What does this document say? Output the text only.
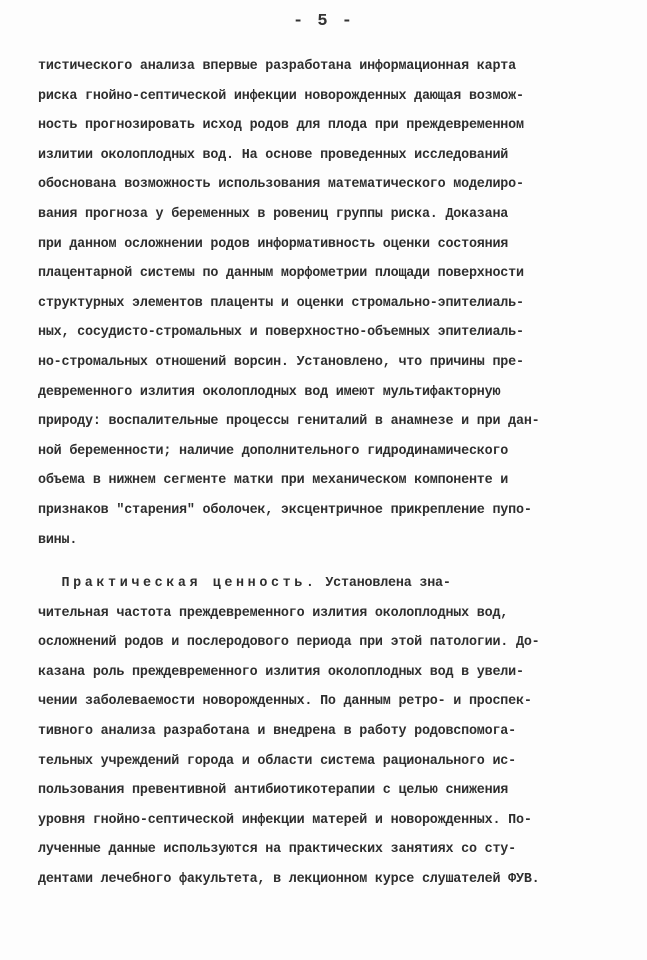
- 5 -
тистического анализа впервые разработана информационная карта
риска гнойно-септической инфекции новорожденных дающая возмож-
ность прогнозировать исход родов для плода при преждевременном
излитии околоплодных вод. На основе проведенных исследований
обоснована возможность использования математического моделиро-
вания прогноза у беременных в ровениц группы риска. Доказана
при данном осложнении родов информативность оценки состояния
плацентарной системы по данным морфометрии площади поверхности
структурных элементов плаценты и оценки стромально-эпителиаль-
ных, сосудисто-стромальных и поверхностно-объемных эпителиаль-
но-стромальных отношений ворсин. Установлено, что причины пре-
девременного излития околоплодных вод имеют мультифакторную
природу: воспалительные процессы гениталий в анамнезе и при дан-
ной беременности; наличие дополнительного гидродинамического
объема в нижнем сегменте матки при механическом компоненте и
признаков "старения" оболочек, эксцентричное прикрепление пупо-
вины.
Практическая ценность. Установлена зна-
чительная частота преждевременного излития околоплодных вод,
осложнений родов и послеродового периода при этой патологии. До-
казана роль преждевременного излития околоплодных вод в увели-
чении заболеваемости новорожденных. По данным ретро- и проспек-
тивного анализа разработана и внедрена в работу родовспомога-
тельных учреждений города и области система рационального ис-
пользования превентивной антибиотикотерапии с целью снижения
уровня гнойно-септической инфекции матерей и новорожденных. По-
лученные данные используются на практических занятиях со сту-
дентами лечебного факультета, в лекционном курсе слушателей ФУВ.
